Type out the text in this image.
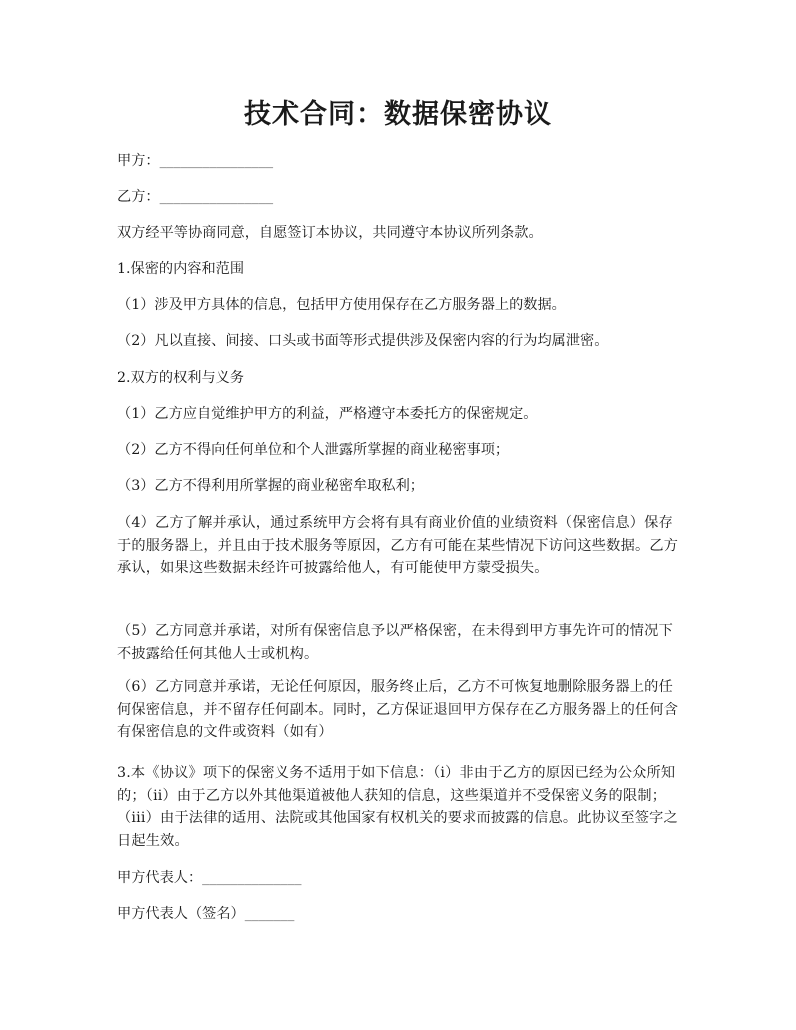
技术合同：数据保密协议
甲方：________________
乙方：________________
双方经平等协商同意，自愿签订本协议，共同遵守本协议所列条款。
1.保密的内容和范围
（1）涉及甲方具体的信息，包括甲方使用保存在乙方服务器上的数据。
（2）凡以直接、间接、口头或书面等形式提供涉及保密内容的行为均属泄密。
2.双方的权利与义务
（1）乙方应自觉维护甲方的利益，严格遵守本委托方的保密规定。
（2）乙方不得向任何单位和个人泄露所掌握的商业秘密事项；
（3）乙方不得利用所掌握的商业秘密牟取私利；
（4）乙方了解并承认，通过系统甲方会将有具有商业价值的业绩资料（保密信息）保存于的服务器上，并且由于技术服务等原因，乙方有可能在某些情况下访问这些数据。乙方承认，如果这些数据未经许可披露给他人，有可能使甲方蒙受损失。
（5）乙方同意并承诺，对所有保密信息予以严格保密，在未得到甲方事先许可的情况下不披露给任何其他人士或机构。
（6）乙方同意并承诺，无论任何原因，服务终止后，乙方不可恢复地删除服务器上的任何保密信息，并不留存任何副本。同时，乙方保证退回甲方保存在乙方服务器上的任何含有保密信息的文件或资料（如有）
3.本《协议》项下的保密义务不适用于如下信息：（i）非由于乙方的原因已经为公众所知的；（ii）由于乙方以外其他渠道被他人获知的信息，这些渠道并不受保密义务的限制；（iii）由于法律的适用、法院或其他国家有权机关的要求而披露的信息。此协议至签字之日起生效。
甲方代表人：______________
甲方代表人（签名）_______
